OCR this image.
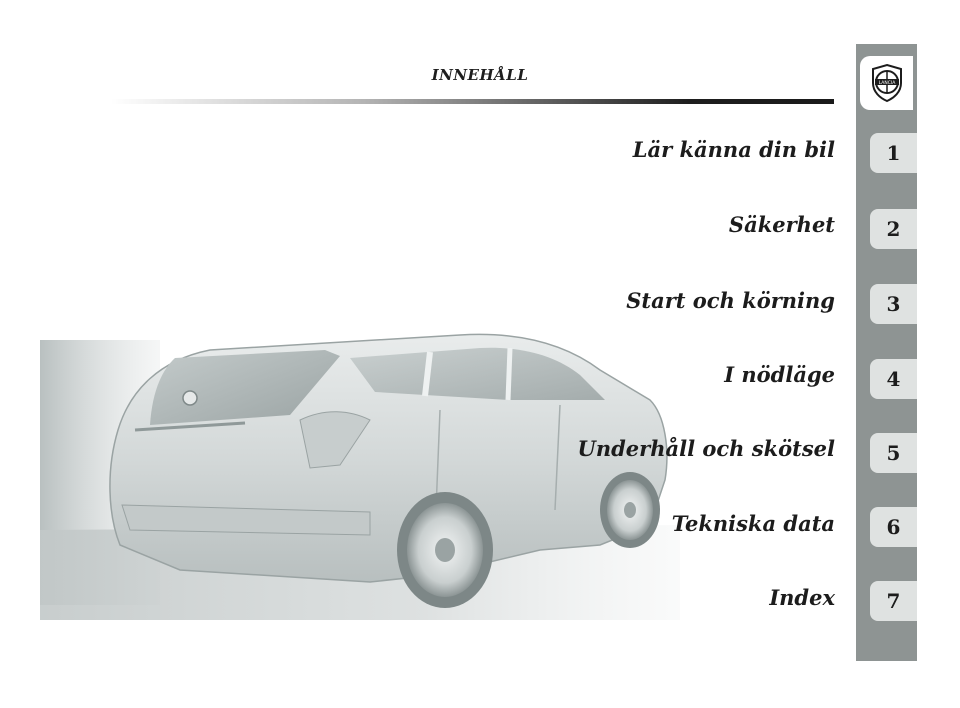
INNEHÅLL
Lär känna din bil
Säkerhet
Start och körning
I nödläge
Underhåll och skötsel
Tekniska data
Index
LANCIA
1
2
3
4
5
6
7
